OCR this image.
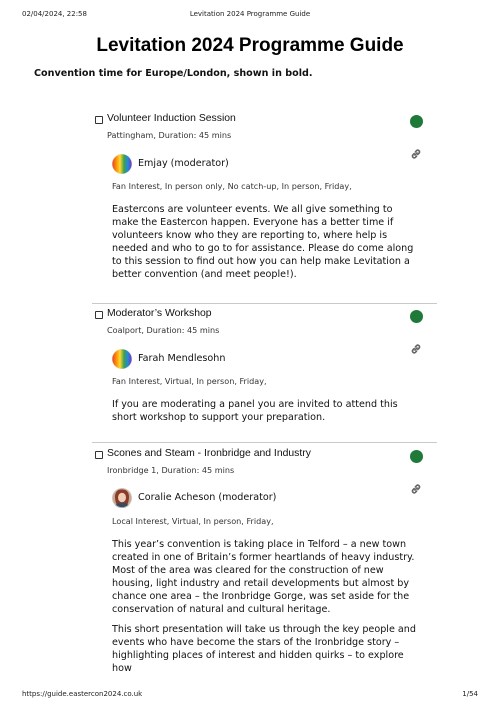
02/04/2024, 22:58	Levitation 2024 Programme Guide
Levitation 2024 Programme Guide
Convention time for Europe/London, shown in bold.
Volunteer Induction Session
Pattingham, Duration: 45 mins
Emjay (moderator)
Fan Interest, In person only, No catch-up, In person, Friday,

Eastercons are volunteer events. We all give something to make the Eastercon happen. Everyone has a better time if volunteers know who they are reporting to, where help is needed and who to go to for assistance. Please do come along to this session to find out how you can help make Levitation a better convention (and meet people!).

Moderator’s Workshop
Coalport, Duration: 45 mins
Farah Mendlesohn
Fan Interest, Virtual, In person, Friday,

If you are moderating a panel you are invited to attend this short workshop to support your preparation.

Scones and Steam - Ironbridge and Industry
Ironbridge 1, Duration: 45 mins
Coralie Acheson (moderator)
Local Interest, Virtual, In person, Friday,

This year’s convention is taking place in Telford – a new town created in one of Britain’s former heartlands of heavy industry. Most of the area was cleared for the construction of new housing, light industry and retail developments but almost by chance one area – the Ironbridge Gorge, was set aside for the conservation of natural and cultural heritage.

This short presentation will take us through the key people and events who have become the stars of the Ironbridge story – highlighting places of interest and hidden quirks – to explore how

https://guide.eastercon2024.co.uk	1/54
